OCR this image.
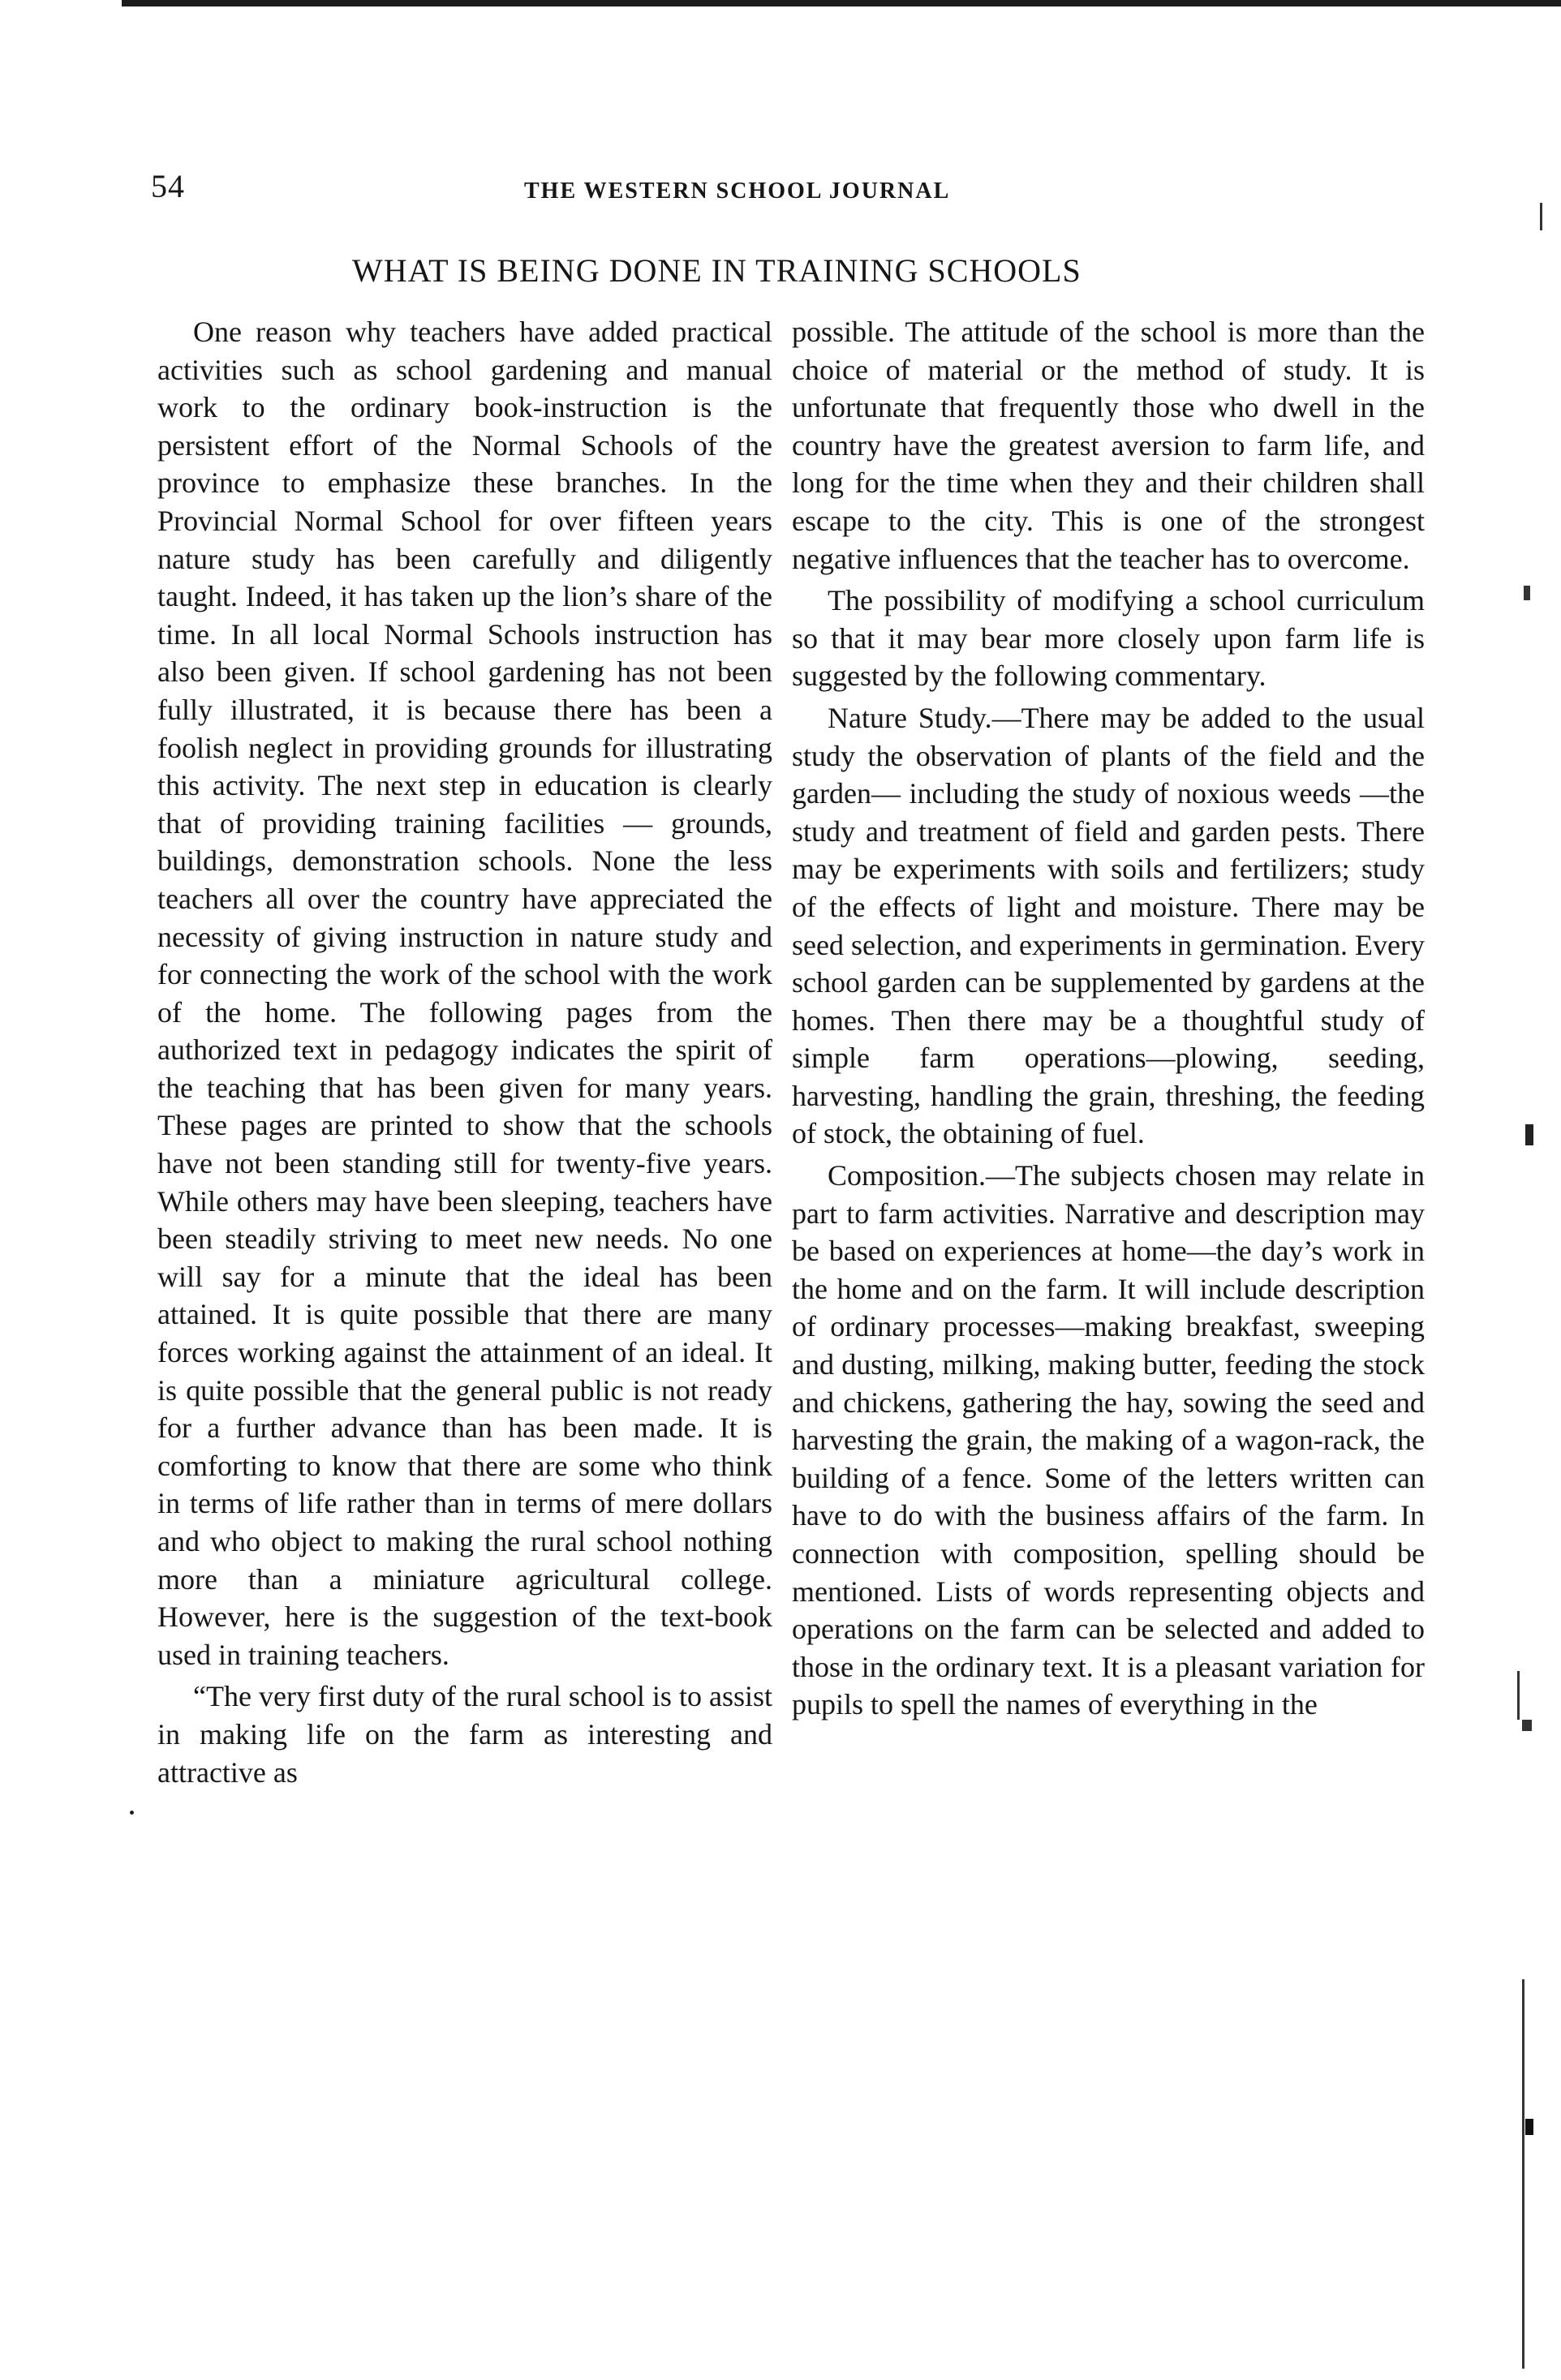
54	THE WESTERN SCHOOL JOURNAL
WHAT IS BEING DONE IN TRAINING SCHOOLS

One reason why teachers have added practical activities such as school gardening and manual work to the ordinary book-instruction is the persistent effort of the Normal Schools of the province to emphasize these branches. In the Provincial Normal School for over fifteen years nature study has been carefully and diligently taught. Indeed, it has taken up the lion’s share of the time. In all local Normal Schools instruction has also been given. If school gardening has not been fully illustrated, it is because there has been a foolish neglect in providing grounds for illustrating this activity. The next step in education is clearly that of providing training facilities — grounds, buildings, demonstration schools. None the less teachers all over the country have appreciated the necessity of giving instruction in nature study and for connecting the work of the school with the work of the home. The following pages from the authorized text in pedagogy indicates the spirit of the teaching that has been given for many years. These pages are printed to show that the schools have not been standing still for twenty-five years. While others may have been sleeping, teachers have been steadily striving to meet new needs. No one will say for a minute that the ideal has been attained. It is quite possible that there are many forces working against the attainment of an ideal. It is quite possible that the general public is not ready for a further advance than has been made. It is comforting to know that there are some who think in terms of life rather than in terms of mere dollars and who object to making the rural school nothing more than a miniature agricultural college. However, here is the suggestion of the text-book used in training teachers.

“The very first duty of the rural school is to assist in making life on the farm as interesting and attractive as

possible. The attitude of the school is more than the choice of material or the method of study. It is unfortunate that frequently those who dwell in the country have the greatest aversion to farm life, and long for the time when they and their children shall escape to the city. This is one of the strongest negative influences that the teacher has to overcome.

The possibility of modifying a school curriculum so that it may bear more closely upon farm life is suggested by the following commentary.

Nature Study.—There may be added to the usual study the observation of plants of the field and the garden— including the study of noxious weeds —the study and treatment of field and garden pests. There may be experiments with soils and fertilizers; study of the effects of light and moisture. There may be seed selection, and experiments in germination. Every school garden can be supplemented by gardens at the homes. Then there may be a thoughtful study of simple farm operations—plowing, seeding, harvesting, handling the grain, threshing, the feeding of stock, the obtaining of fuel.

Composition.—The subjects chosen may relate in part to farm activities. Narrative and description may be based on experiences at home—the day’s work in the home and on the farm. It will include description of ordinary processes—making breakfast, sweeping and dusting, milking, making butter, feeding the stock and chickens, gathering the hay, sowing the seed and harvesting the grain, the making of a wagon-rack, the building of a fence. Some of the letters written can have to do with the business affairs of the farm. In connection with composition, spelling should be mentioned. Lists of words representing objects and operations on the farm can be selected and added to those in the ordinary text. It is a pleasant variation for pupils to spell the names of everything in the
